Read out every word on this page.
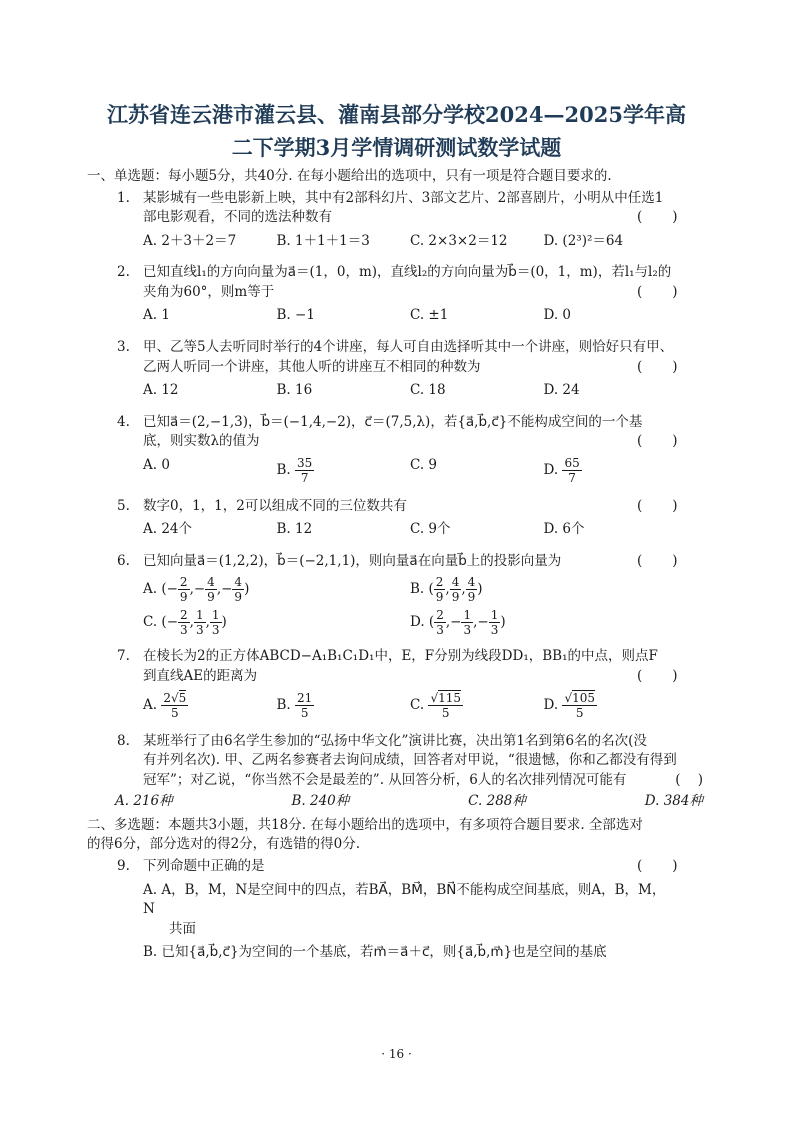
江苏省连云港市灌云县、灌南县部分学校2024—2025学年高
二下学期3月学情调研测试数学试题

一、单选题：每小题5分，共40分. 在每小题给出的选项中，只有一项是符合题目要求的.

1. 某影城有一些电影新上映，其中有2部科幻片、3部文艺片、2部喜剧片，小明从中任选1
部电影观看，不同的选法种数有	(       )
A. 2＋3＋2＝7	B. 1＋1＋1＝3	C. 2×3×2＝12	D. (2³)²＝64
2. 已知直线l₁的方向向量为a⃗＝(1，0，m)，直线l₂的方向向量为b⃗＝(0，1，m)，若l₁与l₂的
夹角为60°，则m等于	(       )
A. 1	B. −1	C. ±1	D. 0
3. 甲、乙等5人去听同时举行的4个讲座，每人可自由选择听其中一个讲座，则恰好只有甲、
乙两人听同一个讲座，其他人听的讲座互不相同的种数为	(       )
A. 12	B. 16	C. 18	D. 24
4. 已知a⃗＝(2,−1,3)，b⃗＝(−1,4,−2)，c⃗＝(7,5,λ)，若{a⃗,b⃗,c⃗}不能构成空间的一个基
底，则实数λ的值为	(       )
A. 0	B. $\frac{35}{7}$	C. 9	D. $\frac{65}{7}$
5. 数字0，1，1，2可以组成不同的三位数共有	(       )
A. 24个	B. 12	C. 9个	D. 6个
6. 已知向量a⃗＝(1,2,2)，b⃗＝(−2,1,1)，则向量a⃗在向量b⃗上的投影向量为	(       )
A. (− $\frac{2}{9}$ ,− $\frac{4}{9}$ ,− $\frac{4}{9}$ )	B. ( $\frac{2}{9}$ , $\frac{4}{9}$ , $\frac{4}{9}$ )
C. (− $\frac{2}{3}$ , $\frac{1}{3}$ , $\frac{1}{3}$ )	D. ( $\frac{2}{3}$ ,− $\frac{1}{3}$ ,− $\frac{1}{3}$ )
7. 在棱长为2的正方体ABCD−A₁B₁C₁D₁中，E，F分别为线段DD₁，BB₁的中点，则点F
到直线AE的距离为	(       )
A. $\frac{2√5}{5}$	B. $\frac{21}{5}$	C. $\frac{√115}{5}$	D. $\frac{√105}{5}$
8. 某班举行了由6名学生参加的“弘扬中华文化”演讲比赛，决出第1名到第6名的名次(没
有并列名次). 甲、乙两名参赛者去询问成绩，回答者对甲说，“很遗憾，你和乙都没有得到
冠军”；对乙说，“你当然不会是最差的”. 从回答分析，6人的名次排列情况可能有	(    )
A. 216种	B. 240种	C. 288种	D. 384种
二、多选题：本题共3小题，共18分. 在每小题给出的选项中，有多项符合题目要求. 全部选对
的得6分，部分选对的得2分，有选错的得0分.
9. 下列命题中正确的是	(       )
A. A，B，M，N是空间中的四点，若BA⃗，BM⃗，BN⃗不能构成空间基底，则A，B，M，N
共面
B. 已知{a⃗,b⃗,c⃗}为空间的一个基底，若m⃗＝a⃗＋c⃗，则{a⃗,b⃗,m⃗}也是空间的基底
· 16 ·
